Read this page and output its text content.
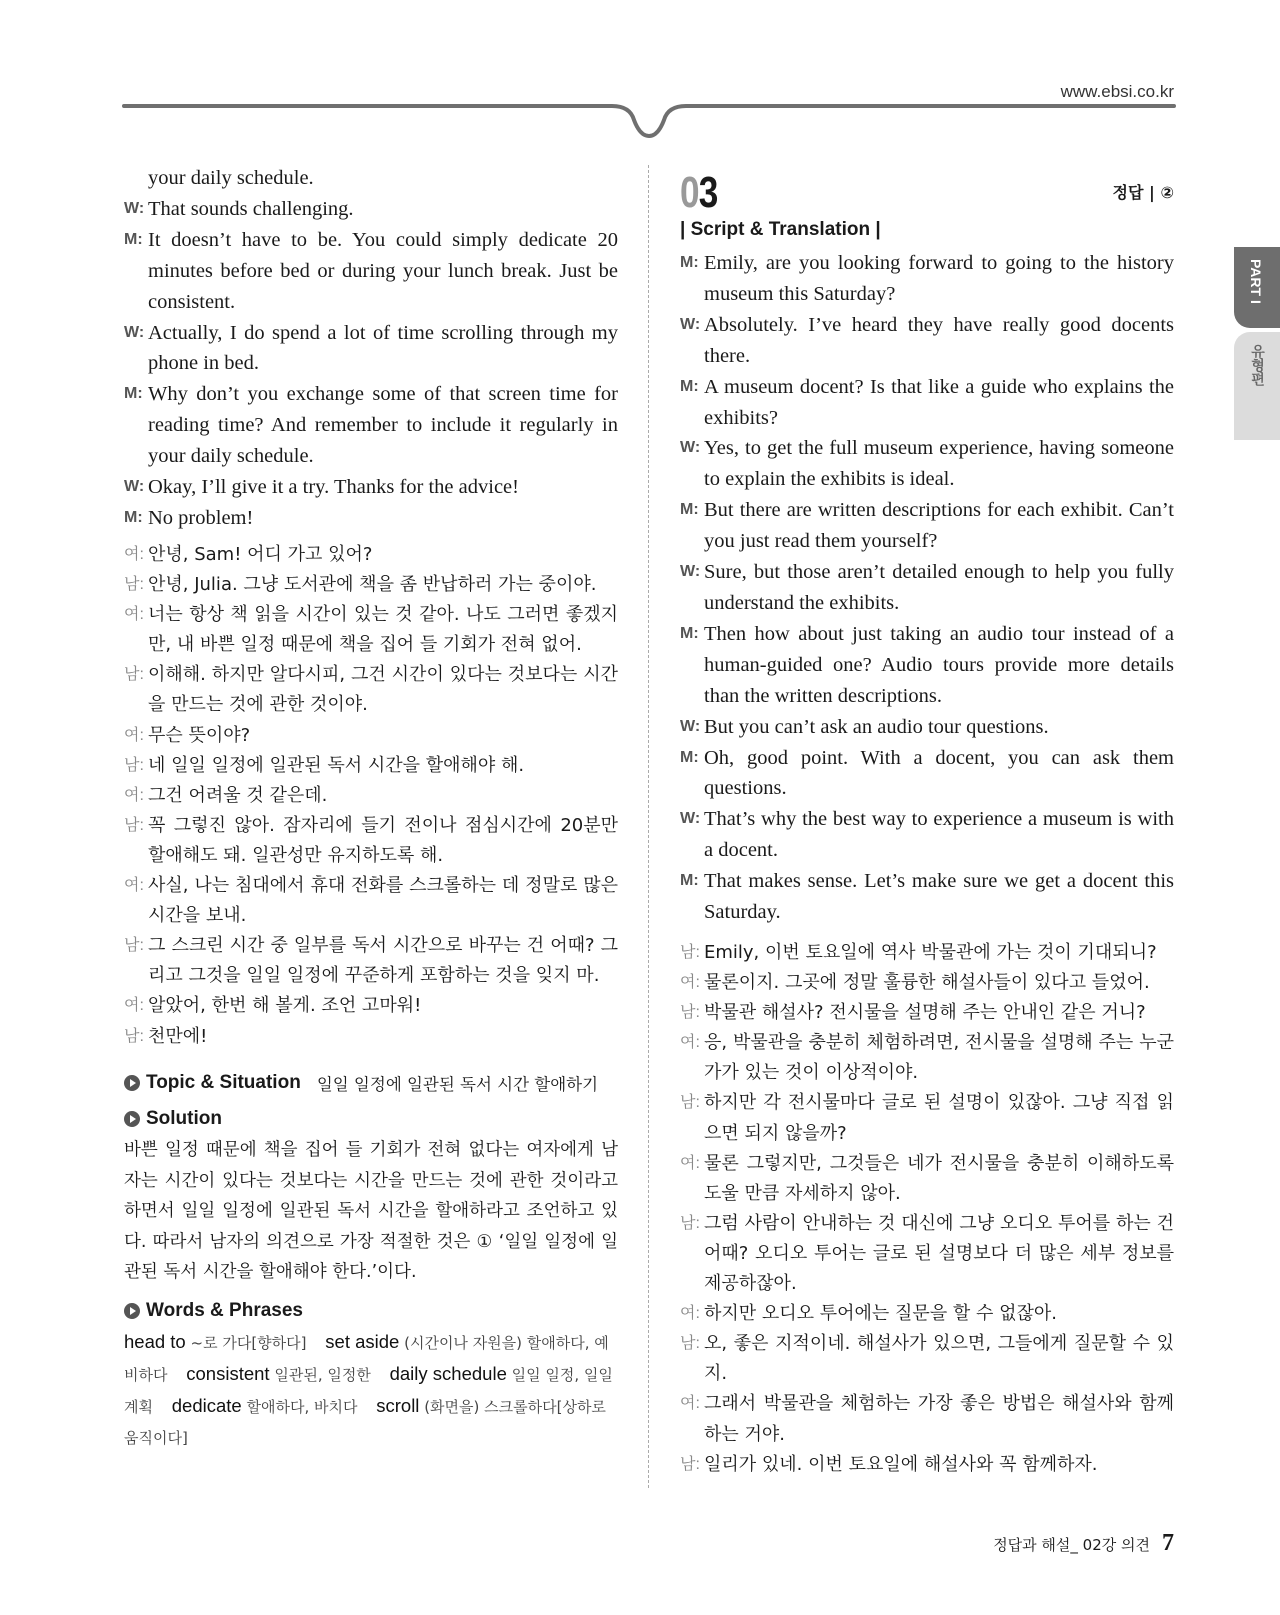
www.ebsi.co.kr
PART I
유형편
your daily schedule.
W: That sounds challenging.
M: It doesn’t have to be. You could simply dedicate 20 minutes before bed or during your lunch break. Just be consistent.
W: Actually, I do spend a lot of time scrolling through my phone in bed.
M: Why don’t you exchange some of that screen time for reading time? And remember to include it regularly in your daily schedule.
W: Okay, I’ll give it a try. Thanks for the advice!
M: No problem!
여: 안녕, Sam! 어디 가고 있어?
남: 안녕, Julia. 그냥 도서관에 책을 좀 반납하러 가는 중이야.
여: 너는 항상 책 읽을 시간이 있는 것 같아. 나도 그러면 좋겠지만, 내 바쁜 일정 때문에 책을 집어 들 기회가 전혀 없어.
남: 이해해. 하지만 알다시피, 그건 시간이 있다는 것보다는 시간을 만드는 것에 관한 것이야.
여: 무슨 뜻이야?
남: 네 일일 일정에 일관된 독서 시간을 할애해야 해.
여: 그건 어려울 것 같은데.
남: 꼭 그렇진 않아. 잠자리에 들기 전이나 점심시간에 20분만 할애해도 돼. 일관성만 유지하도록 해.
여: 사실, 나는 침대에서 휴대 전화를 스크롤하는 데 정말로 많은 시간을 보내.
남: 그 스크린 시간 중 일부를 독서 시간으로 바꾸는 건 어때? 그리고 그것을 일일 일정에 꾸준하게 포함하는 것을 잊지 마.
여: 알았어, 한번 해 볼게. 조언 고마워!
남: 천만에!
Topic & Situation 일일 일정에 일관된 독서 시간 할애하기
Solution
바쁜 일정 때문에 책을 집어 들 기회가 전혀 없다는 여자에게 남자는 시간이 있다는 것보다는 시간을 만드는 것에 관한 것이라고 하면서 일일 일정에 일관된 독서 시간을 할애하라고 조언하고 있다. 따라서 남자의 의견으로 가장 적절한 것은 ① ‘일일 일정에 일관된 독서 시간을 할애해야 한다.’이다.
Words & Phrases
head to ~로 가다[향하다] set aside (시간이나 자원을) 할애하다, 예비하다 consistent 일관된, 일정한 daily schedule 일일 일정, 일일 계획 dedicate 할애하다, 바치다 scroll (화면을) 스크롤하다[상하로 움직이다]
03	정답 | ②
| Script & Translation |
M: Emily, are you looking forward to going to the history museum this Saturday?
W: Absolutely. I’ve heard they have really good docents there.
M: A museum docent? Is that like a guide who explains the exhibits?
W: Yes, to get the full museum experience, having someone to explain the exhibits is ideal.
M: But there are written descriptions for each exhibit. Can’t you just read them yourself?
W: Sure, but those aren’t detailed enough to help you fully understand the exhibits.
M: Then how about just taking an audio tour instead of a human-guided one? Audio tours provide more details than the written descriptions.
W: But you can’t ask an audio tour questions.
M: Oh, good point. With a docent, you can ask them questions.
W: That’s why the best way to experience a museum is with a docent.
M: That makes sense. Let’s make sure we get a docent this Saturday.
남: Emily, 이번 토요일에 역사 박물관에 가는 것이 기대되니?
여: 물론이지. 그곳에 정말 훌륭한 해설사들이 있다고 들었어.
남: 박물관 해설사? 전시물을 설명해 주는 안내인 같은 거니?
여: 응, 박물관을 충분히 체험하려면, 전시물을 설명해 주는 누군가가 있는 것이 이상적이야.
남: 하지만 각 전시물마다 글로 된 설명이 있잖아. 그냥 직접 읽으면 되지 않을까?
여: 물론 그렇지만, 그것들은 네가 전시물을 충분히 이해하도록 도울 만큼 자세하지 않아.
남: 그럼 사람이 안내하는 것 대신에 그냥 오디오 투어를 하는 건 어때? 오디오 투어는 글로 된 설명보다 더 많은 세부 정보를 제공하잖아.
여: 하지만 오디오 투어에는 질문을 할 수 없잖아.
남: 오, 좋은 지적이네. 해설사가 있으면, 그들에게 질문할 수 있지.
여: 그래서 박물관을 체험하는 가장 좋은 방법은 해설사와 함께하는 거야.
남: 일리가 있네. 이번 토요일에 해설사와 꼭 함께하자.
정답과 해설_ 02강 의견 7
